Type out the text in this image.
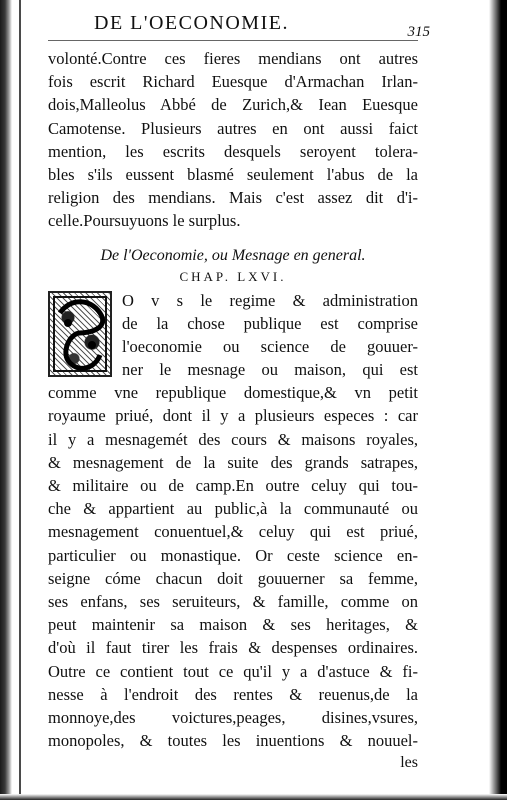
DE L'OECONOMIE.	315
volonté.Contre ces fieres mendians ont autres
fois escrit Richard Euesque d'Armachan Irlan-
dois,Malleolus Abbé de Zurich,& Iean Euesque
Camotense. Plusieurs autres en ont aussi faict
mention, les escrits desquels seroyent tolera-
bles s'ils eussent blasmé seulement l'abus de la
religion des mendians. Mais c'est assez dit d'i-
celle.Poursuyuons le surplus.
De l'Oeconomie, ou Mesnage en general.
CHAP. LXVI.
O v s le regime & administration
de la chose publique est comprise
l'oeconomie ou science de gouuer-
ner le mesnage ou maison, qui est
comme vne republique domestique,& vn petit
royaume priué, dont il y a plusieurs especes : car
il y a mesnagemét des cours & maisons royales,
& mesnagement de la suite des grands satrapes,
& militaire ou de camp.En outre celuy qui tou-
che & appartient au public,à la communauté ou
mesnagement conuentuel,& celuy qui est priué,
particulier ou monastique. Or ceste science en-
seigne cóme chacun doit gouuerner sa femme,
ses enfans, ses seruiteurs, & famille, comme on
peut maintenir sa maison & ses heritages, &
d'où il faut tirer les frais & despenses ordinaires.
Outre ce contient tout ce qu'il y a d'astuce & fi-
nesse à l'endroit des rentes & reuenus,de la
monnoye,des voictures,peages, disines,vsures,
monopoles, & toutes les inuentions & nouuel-
les
